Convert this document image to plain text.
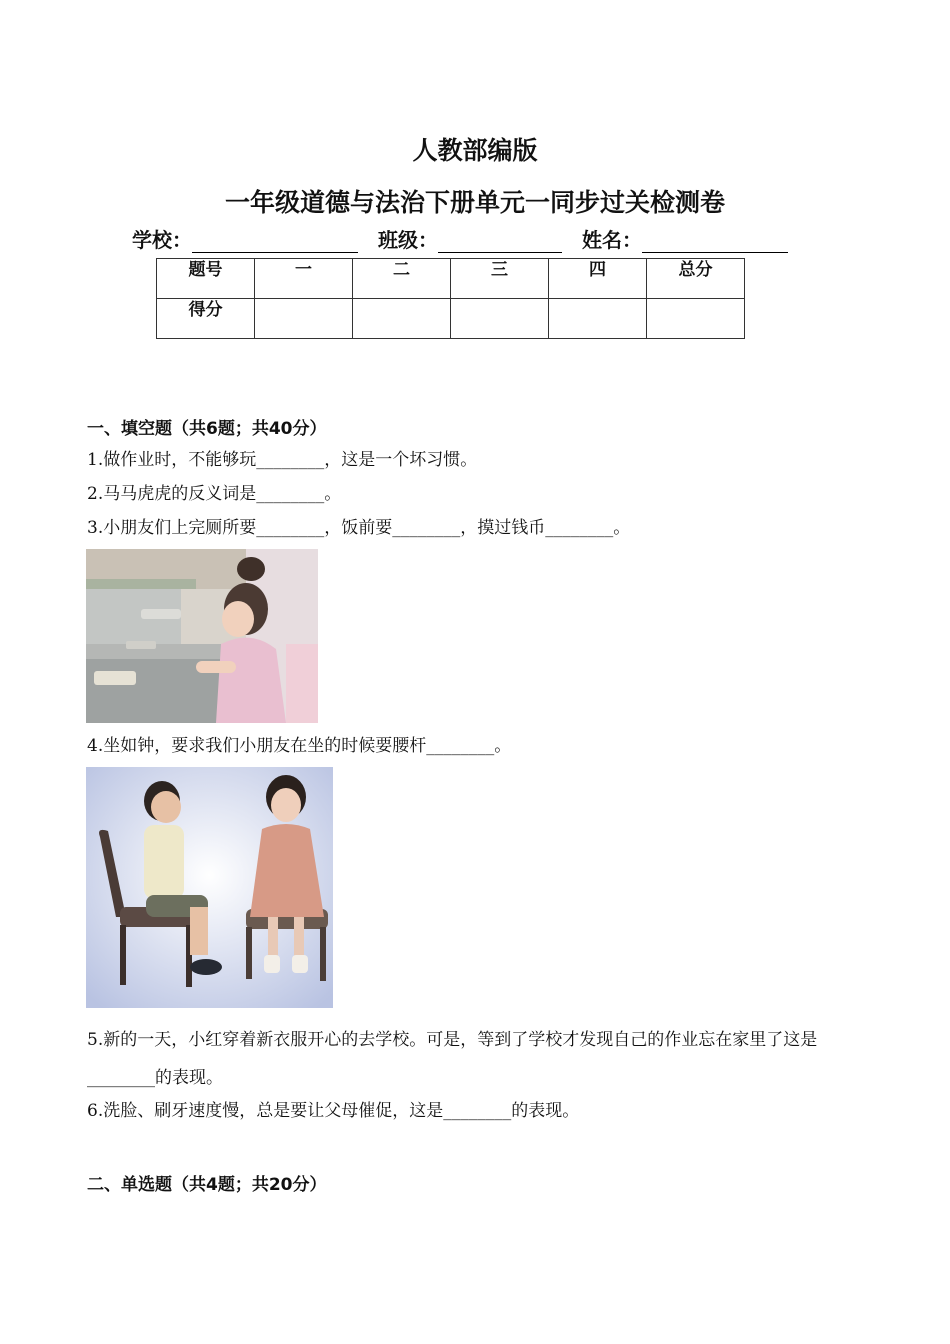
人教部编版
一年级道德与法治下册单元一同步过关检测卷
学校：	班级：	姓名：
题号	一	二	三	四	总分
得分					
一、填空题（共6题；共40分）
1.做作业时，不能够玩________，这是一个坏习惯。
2.马马虎虎的反义词是________。
3.小朋友们上完厕所要________，饭前要________，摸过钱币________。
4.坐如钟，要求我们小朋友在坐的时候要腰杆________。
5.新的一天，小红穿着新衣服开心的去学校。可是，等到了学校才发现自己的作业忘在家里了这是________的表现。
6.洗脸、刷牙速度慢，总是要让父母催促，这是________的表现。
二、单选题（共4题；共20分）
